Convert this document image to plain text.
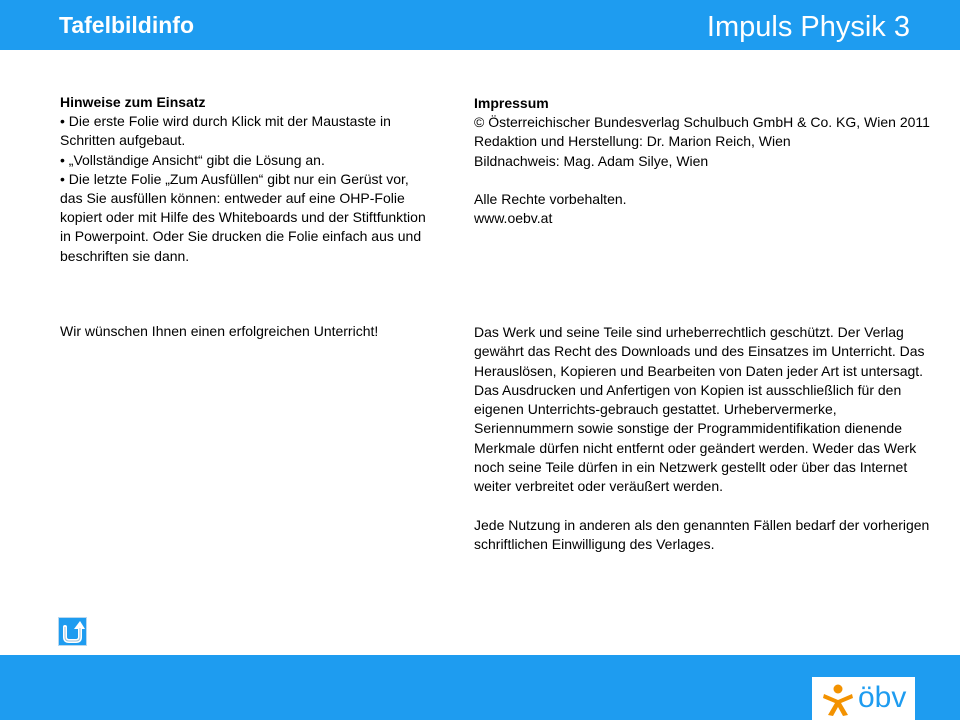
Tafelbildinfo	Impuls Physik 3

Hinweise zum Einsatz

• Die erste Folie wird durch Klick mit der Maustaste in Schritten aufgebaut.

• „Vollständige Ansicht“ gibt die Lösung an.

• Die letzte Folie „Zum Ausfüllen“ gibt nur ein Gerüst vor, das Sie ausfüllen können: entweder auf eine OHP-Folie kopiert oder mit Hilfe des Whiteboards und der Stiftfunktion in Powerpoint. Oder Sie drucken die Folie einfach aus und beschriften sie dann.

Wir wünschen Ihnen einen erfolgreichen Unterricht!

Impressum

© Österreichischer Bundesverlag Schulbuch GmbH & Co. KG, Wien 2011

Redaktion und Herstellung: Dr. Marion Reich, Wien

Bildnachweis: Mag. Adam Silye, Wien

Alle Rechte vorbehalten.

www.oebv.at

Das Werk und seine Teile sind urheberrechtlich geschützt. Der Verlag gewährt das Recht des Downloads und des Einsatzes im Unterricht. Das Herauslösen, Kopieren und Bearbeiten von Daten jeder Art ist untersagt. Das Ausdrucken und Anfertigen von Kopien ist ausschließlich für den eigenen Unterrichts-gebrauch gestattet. Urhebervermerke, Seriennummern sowie sonstige der Programmidentifikation dienende Merkmale dürfen nicht entfernt oder geändert werden. Weder das Werk noch seine Teile dürfen in ein Netzwerk gestellt oder über das Internet weiter verbreitet oder veräußert werden.

Jede Nutzung in anderen als den genannten Fällen bedarf der vorherigen schriftlichen Einwilligung des Verlages.

öbv
